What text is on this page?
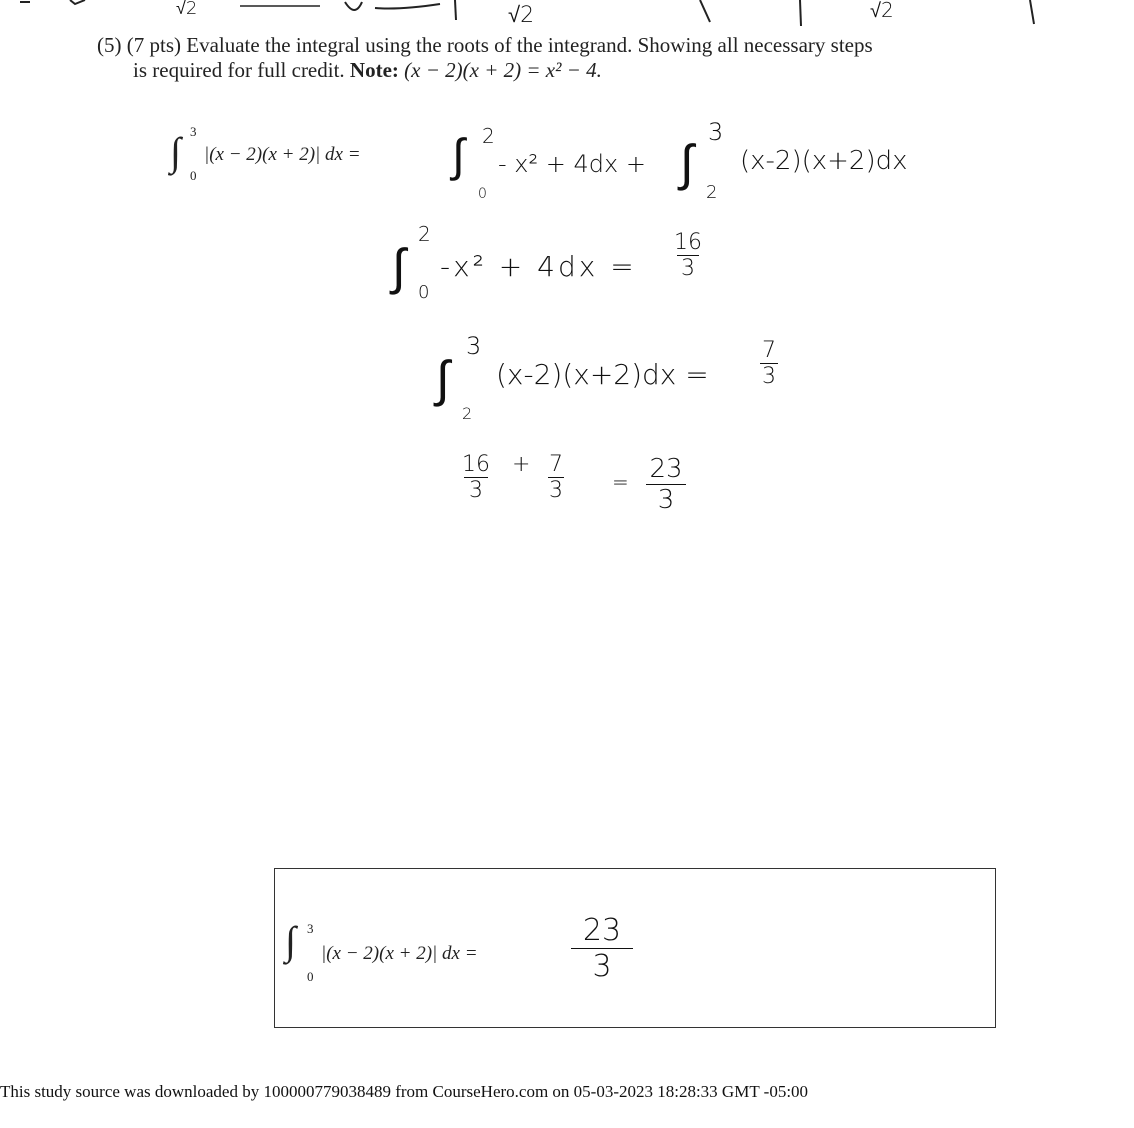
√2	√2	√2
(5) (7 pts) Evaluate the integral using the roots of the integrand. Showing all necessary steps
is required for full credit. Note: (x − 2)(x + 2) = x² − 4.
∫ 3
0
|(x − 2)(x + 2)| dx = ∫ 2
0
- x² + 4dx + ∫
3
2
(x-2)(x+2)dx
∫
2
0
-x² + 4dx =
16
3
∫
3
2
(x-2)(x+2)dx =
7
3
16
3
+ 7
3 = 23
3
∫ 3
0
|(x − 2)(x + 2)| dx =
23
3
This study source was downloaded by 100000779038489 from CourseHero.com on 05-03-2023 18:28:33 GMT -05:00
